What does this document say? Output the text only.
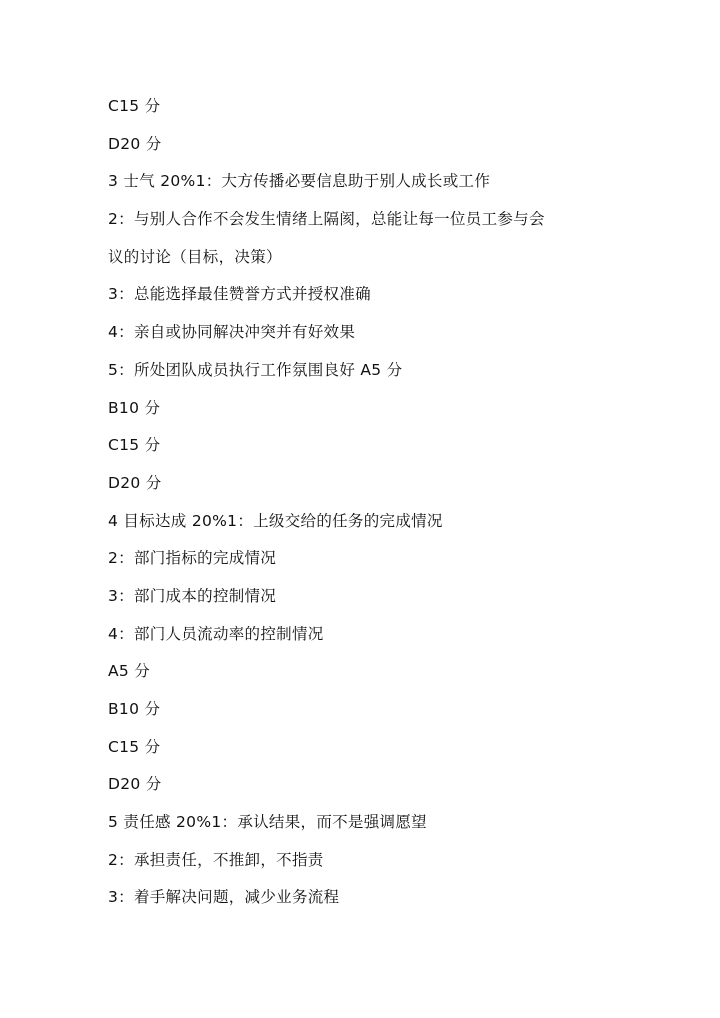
C15 分
D20 分
3 士气 20%1：大方传播必要信息助于别人成长或工作
2：与别人合作不会发生情绪上隔阂，总能让每一位员工参与会
议的讨论（目标，决策）
3：总能选择最佳赞誉方式并授权准确
4：亲自或协同解决冲突并有好效果
5：所处团队成员执行工作氛围良好 A5 分
B10 分
C15 分
D20 分
4 目标达成 20%1：上级交给的任务的完成情况
2：部门指标的完成情况
3：部门成本的控制情况
4：部门人员流动率的控制情况
A5 分
B10 分
C15 分
D20 分
5 责任感 20%1：承认结果，而不是强调愿望
2：承担责任，不推卸，不指责
3：着手解决问题，减少业务流程
